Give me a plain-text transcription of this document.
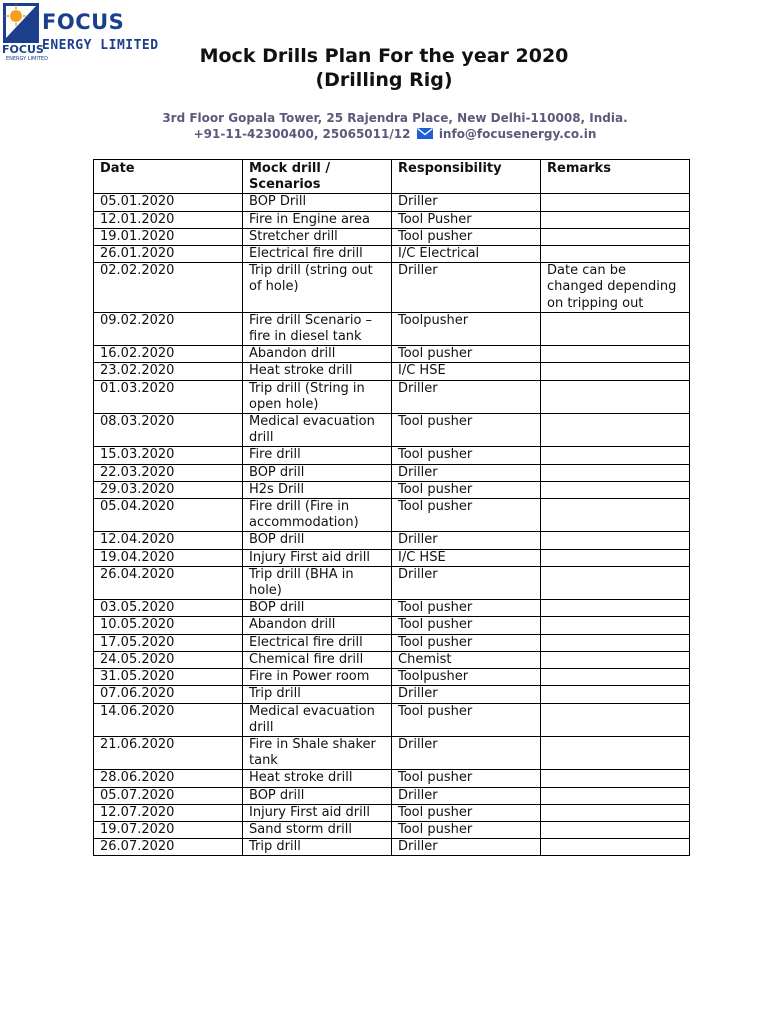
FOCUS
ENERGY LIMITED
FOCUS
ENERGY LIMITED	Mock Drills Plan For the year 2020
(Drilling Rig)
3rd Floor Gopala Tower, 25 Rajendra Place, New Delhi-110008, India.
+91-11-42300400, 25065011/12 info@focusenergy.co.in
Date	Mock drill / Scenarios	Responsibility	Remarks
05.01.2020	BOP Drill	Driller	
12.01.2020	Fire in Engine area	Tool Pusher	
19.01.2020	Stretcher drill	Tool pusher	
26.01.2020	Electrical fire drill	I/C Electrical	
02.02.2020	Trip drill (string out of hole)	Driller	Date can be changed depending on tripping out
09.02.2020	Fire drill Scenario – fire in diesel tank	Toolpusher	
16.02.2020	Abandon drill	Tool pusher	
23.02.2020	Heat stroke drill	I/C HSE	
01.03.2020	Trip drill (String in open hole)	Driller	
08.03.2020	Medical evacuation drill	Tool pusher	
15.03.2020	Fire drill	Tool pusher	
22.03.2020	BOP drill	Driller	
29.03.2020	H2s Drill	Tool pusher	
05.04.2020	Fire drill (Fire in accommodation)	Tool pusher	
12.04.2020	BOP drill	Driller	
19.04.2020	Injury First aid drill	I/C HSE	
26.04.2020	Trip drill (BHA in hole)	Driller	
03.05.2020	BOP drill	Tool pusher	
10.05.2020	Abandon drill	Tool pusher	
17.05.2020	Electrical fire drill	Tool pusher	
24.05.2020	Chemical fire drill	Chemist	
31.05.2020	Fire in Power room	Toolpusher	
07.06.2020	Trip drill	Driller	
14.06.2020	Medical evacuation drill	Tool pusher	
21.06.2020	Fire in Shale shaker tank	Driller	
28.06.2020	Heat stroke drill	Tool pusher	
05.07.2020	BOP drill	Driller	
12.07.2020	Injury First aid drill	Tool pusher	
19.07.2020	Sand storm drill	Tool pusher	
26.07.2020	Trip drill	Driller	
